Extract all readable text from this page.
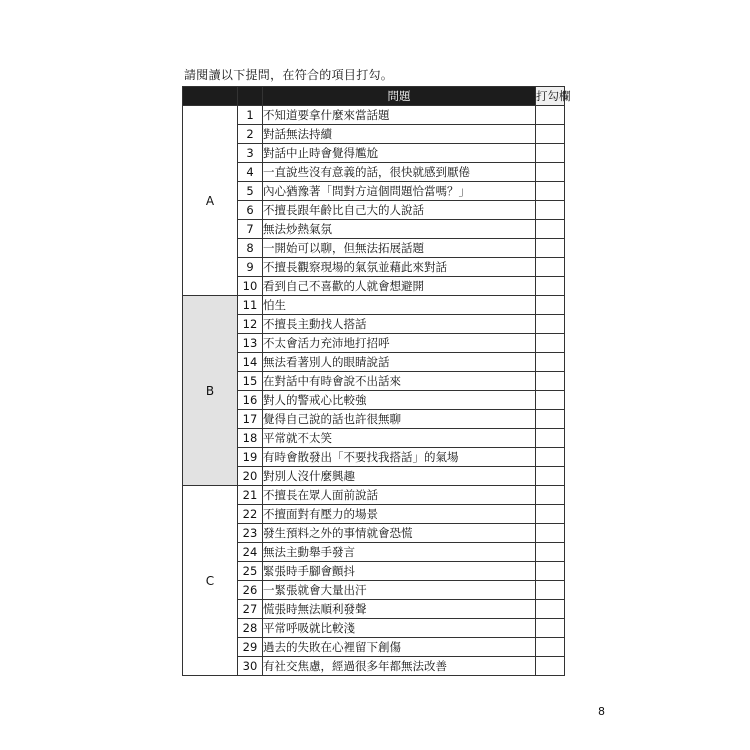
請閱讀以下提問，在符合的項目打勾。
		問題	打勾欄
A	1	不知道要拿什麼來當話題	
	2	對話無法持續	
	3	對話中止時會覺得尷尬	
	4	一直說些沒有意義的話，很快就感到厭倦	
	5	內心猶豫著「問對方這個問題恰當嗎？」	
	6	不擅長跟年齡比自己大的人說話	
	7	無法炒熱氣氛	
	8	一開始可以聊，但無法拓展話題	
	9	不擅長觀察現場的氣氛並藉此來對話	
	10	看到自己不喜歡的人就會想避開	
B	11	怕生	
	12	不擅長主動找人搭話	
	13	不太會活力充沛地打招呼	
	14	無法看著別人的眼睛說話	
	15	在對話中有時會說不出話來	
	16	對人的警戒心比較強	
	17	覺得自己說的話也許很無聊	
	18	平常就不太笑	
	19	有時會散發出「不要找我搭話」的氣場	
	20	對別人沒什麼興趣	
C	21	不擅長在眾人面前說話	
	22	不擅面對有壓力的場景	
	23	發生預料之外的事情就會恐慌	
	24	無法主動舉手發言	
	25	緊張時手腳會顫抖	
	26	一緊張就會大量出汗	
	27	慌張時無法順利發聲	
	28	平常呼吸就比較淺	
	29	過去的失敗在心裡留下創傷	
	30	有社交焦慮，經過很多年都無法改善	
8
